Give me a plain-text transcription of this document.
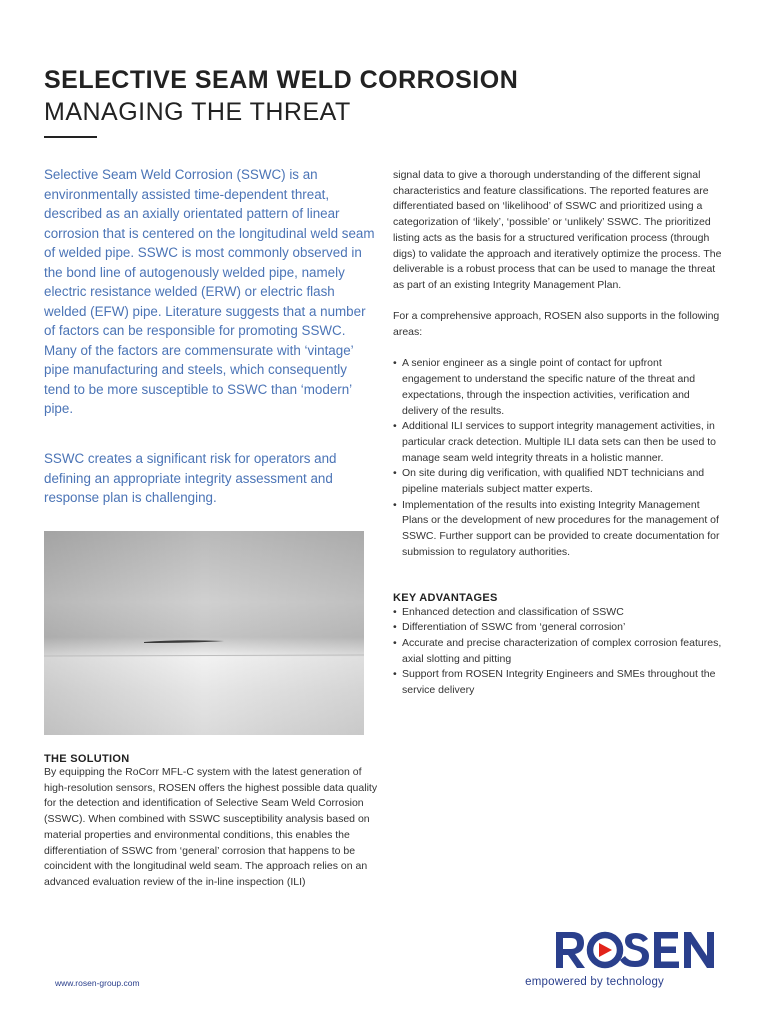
SELECTIVE SEAM WELD CORROSION
MANAGING THE THREAT

Selective Seam Weld Corrosion (SSWC) is an environmentally assisted time-dependent threat, described as an axially orientated pattern of linear corrosion that is centered on the longitudinal weld seam of welded pipe. SSWC is most commonly observed in the bond line of autogenously welded pipe, namely electric resistance welded (ERW) or electric flash welded (EFW) pipe. Literature suggests that a number of factors can be responsible for promoting SSWC. Many of the factors are commensurate with ‘vintage’ pipe manufacturing and steels, which consequently tend to be more susceptible to SSWC than ‘modern’ pipe.

SSWC creates a significant risk for operators and defining an appropriate integrity assessment and response plan is challenging.

THE SOLUTION

By equipping the RoCorr MFL-C system with the latest generation of high-resolution sensors, ROSEN offers the highest possible data quality for the detection and identification of Selective Seam Weld Corrosion (SSWC). When combined with SSWC susceptibility analysis based on material properties and environmental conditions, this enables the differentiation of SSWC from ‘general’ corrosion that happens to be coincident with the longitudinal weld seam. The approach relies on an advanced evaluation review of the in-line inspection (ILI)

signal data to give a thorough understanding of the different signal characteristics and feature classifications. The reported features are differentiated based on ‘likelihood’ of SSWC and prioritized using a categorization of ‘likely’, ‘possible’ or ‘unlikely’ SSWC. The prioritized listing acts as the basis for a structured verification process (through digs) to validate the approach and iteratively optimize the process. The deliverable is a robust process that can be used to manage the threat as part of an existing Integrity Management Plan.

For a comprehensive approach, ROSEN also supports in the following areas:

• A senior engineer as a single point of contact for upfront engagement to understand the specific nature of the threat and expectations, through the inspection activities, verification and delivery of the results.
• Additional ILI services to support integrity management activities, in particular crack detection. Multiple ILI data sets can then be used to manage seam weld integrity threats in a holistic manner.
• On site during dig verification, with qualified NDT technicians and pipeline materials subject matter experts.
• Implementation of the results into existing Integrity Management Plans or the development of new procedures for the management of SSWC. Further support can be provided to create documentation for submission to regulatory authorities.
KEY ADVANTAGES
• Enhanced detection and classification of SSWC
• Differentiation of SSWC from ‘general corrosion’
• Accurate and precise characterization of complex corrosion features, axial slotting and pitting
• Support from ROSEN Integrity Engineers and SMEs throughout the service delivery
www.rosen-group.com	empowered by technology
